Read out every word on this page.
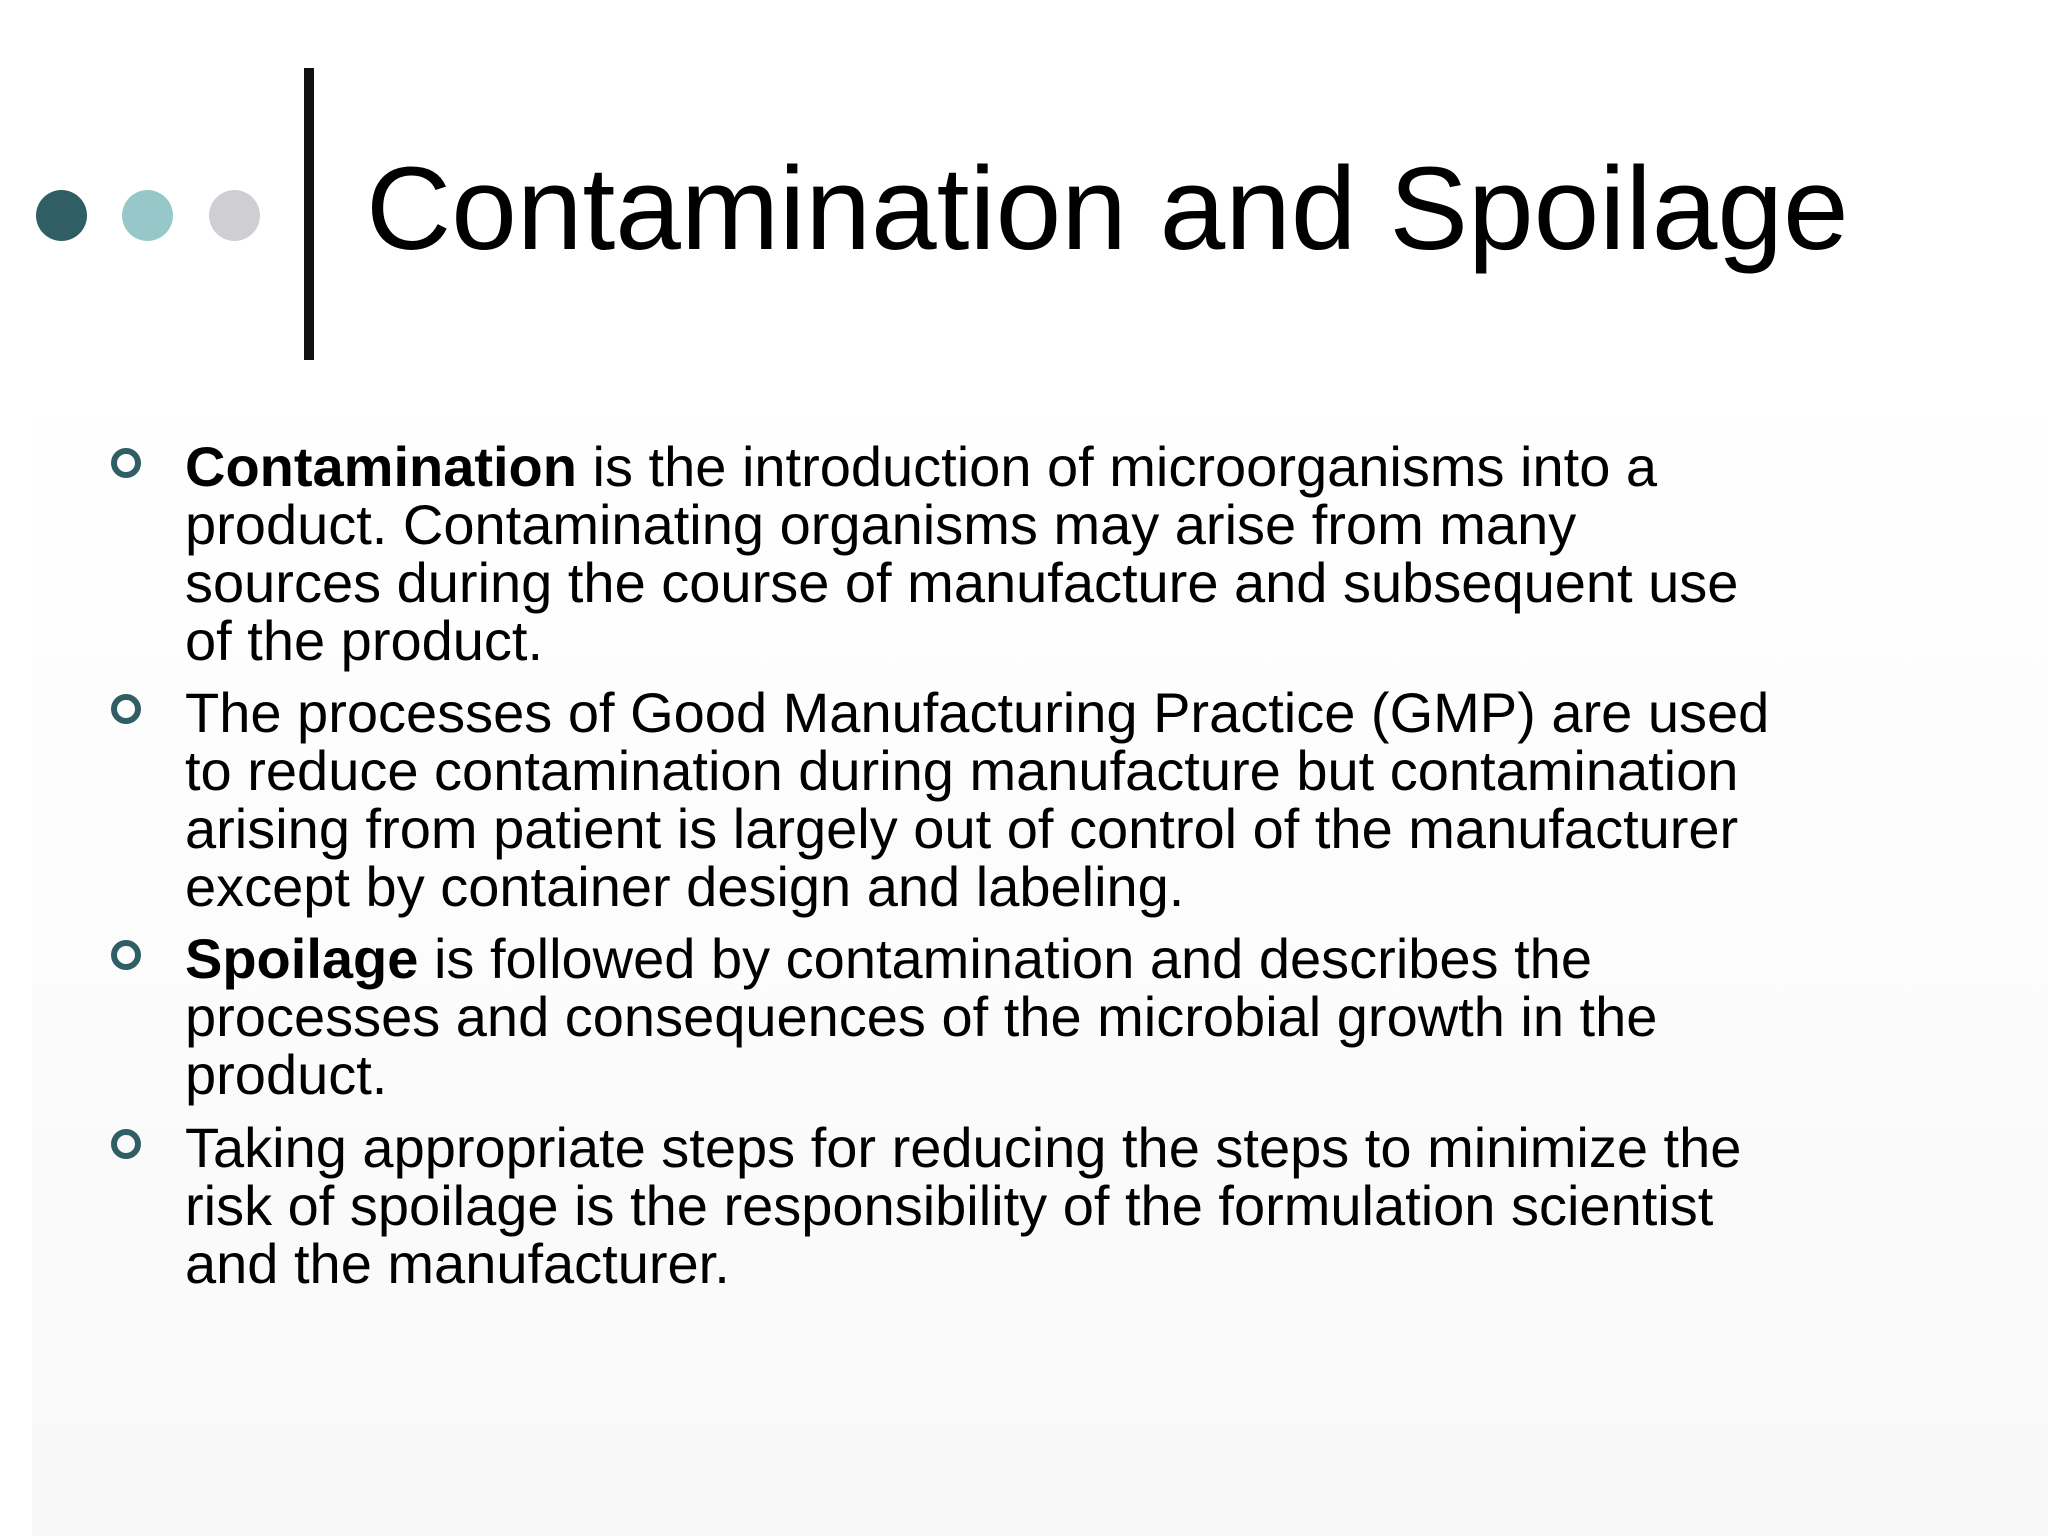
Contamination and Spoilage

Contamination is the introduction of microorganisms into a
product. Contaminating organisms may arise from many
sources during the course of manufacture and subsequent use
of the product.

The processes of Good Manufacturing Practice (GMP) are used
to reduce contamination during manufacture but contamination
arising from patient is largely out of control of the manufacturer
except by container design and labeling.

Spoilage is followed by contamination and describes the
processes and consequences of the microbial growth in the
product.

Taking appropriate steps for reducing the steps to minimize the
risk of spoilage is the responsibility of the formulation scientist
and the manufacturer.
